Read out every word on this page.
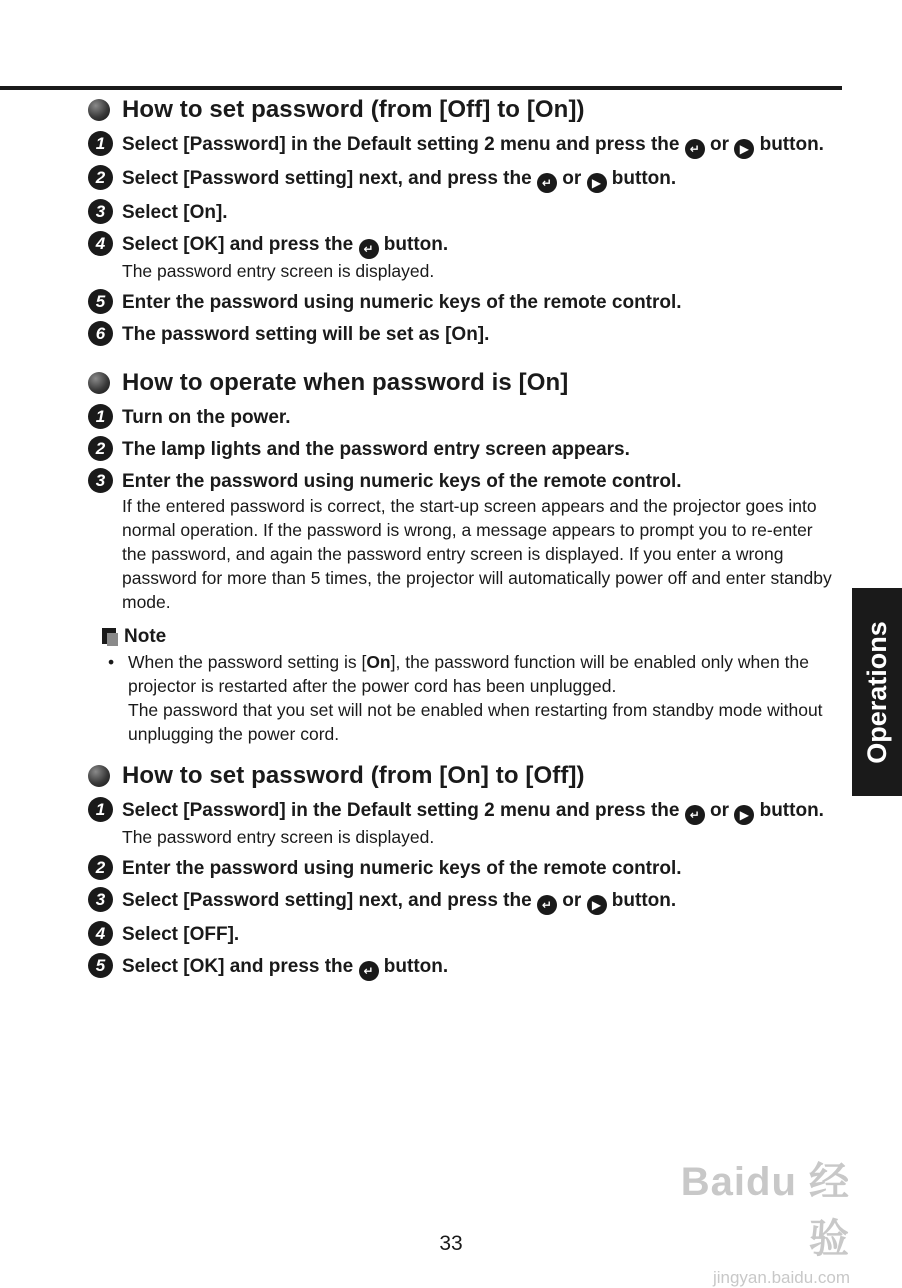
How to set password (from [Off] to [On])
1 Select [Password] in the Default setting 2 menu and press the ↵ or ▶ button.
2 Select [Password setting] next, and press the ↵ or ▶ button.
3 Select [On].
4 Select [OK] and press the ↵ button.
The password entry screen is displayed.
5 Enter the password using numeric keys of the remote control.
6 The password setting will be set as [On].
How to operate when password is [On]
1 Turn on the power.
2 The lamp lights and the password entry screen appears.
3 Enter the password using numeric keys of the remote control.
If the entered password is correct, the start-up screen appears and the projector goes into normal operation. If the password is wrong, a message appears to prompt you to re-enter the password, and again the password entry screen is displayed. If you enter a wrong password for more than 5 times, the projector will automatically power off and enter standby mode.
Note
• When the password setting is [On], the password function will be enabled only when the projector is restarted after the power cord has been unplugged.
The password that you set will not be enabled when restarting from standby mode without unplugging the power cord.
How to set password (from [On] to [Off])
1 Select [Password] in the Default setting 2 menu and press the ↵ or ▶ button.
The password entry screen is displayed.
2 Enter the password using numeric keys of the remote control.
3 Select [Password setting] next, and press the ↵ or ▶ button.
4 Select [OFF].
5 Select [OK] and press the ↵ button.
Operations
33
Baidu 经验
jingyan.baidu.com
